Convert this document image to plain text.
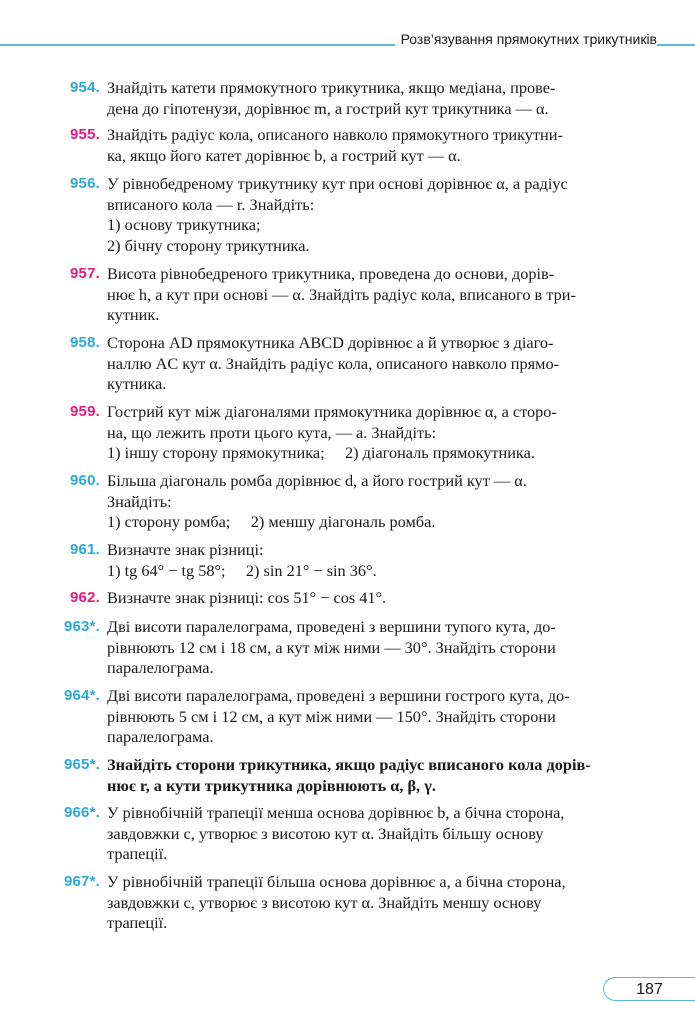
Розв’язування прямокутних трикутників
954. Знайдіть катети прямокутного трикутника, якщо медіана, прове-

дена до гіпотенузи, дорівнює m, а гострий кут трикутника — α.

955. Знайдіть радіус кола, описаного навколо прямокутного трикутни-

ка, якщо його катет дорівнює b, а гострий кут — α.

956. У рівнобедреному трикутнику кут при основі дорівнює α, а радіус

вписаного кола — r. Знайдіть:

1) основу трикутника;

2) бічну сторону трикутника.

957. Висота рівнобедреного трикутника, проведена до основи, дорів-

нює h, а кут при основі — α. Знайдіть радіус кола, вписаного в три-

кутник.

958. Сторона AD прямокутника ABCD дорівнює a й утворює з діаго-

наллю AC кут α. Знайдіть радіус кола, описаного навколо прямо-

кутника.

959. Гострий кут між діагоналями прямокутника дорівнює α, а сторо-

на, що лежить проти цього кута, — a. Знайдіть:

1) іншу сторону прямокутника;     2) діагональ прямокутника.

960. Більша діагональ ромба дорівнює d, а його гострий кут — α.

Знайдіть:

1) сторону ромба;     2) меншу діагональ ромба.

961. Визначте знак різниці:

1) tg 64° − tg 58°;     2) sin 21° − sin 36°.

962. Визначте знак різниці: cos 51° − cos 41°.

963*. Дві висоти паралелограма, проведені з вершини тупого кута, до-

рівнюють 12 см і 18 см, а кут між ними — 30°. Знайдіть сторони

паралелограма.

964*. Дві висоти паралелограма, проведені з вершини гострого кута, до-

рівнюють 5 см і 12 см, а кут між ними — 150°. Знайдіть сторони

паралелограма.

965*. Знайдіть сторони трикутника, якщо радіус вписаного кола дорів-

нює r, а кути трикутника дорівнюють α, β, γ.

966*. У рівнобічній трапеції менша основа дорівнює b, а бічна сторона,

завдовжки c, утворює з висотою кут α. Знайдіть більшу основу

трапеції.

967*. У рівнобічній трапеції більша основа дорівнює a, а бічна сторона,

завдовжки c, утворює з висотою кут α. Знайдіть меншу основу

трапеції.

187
